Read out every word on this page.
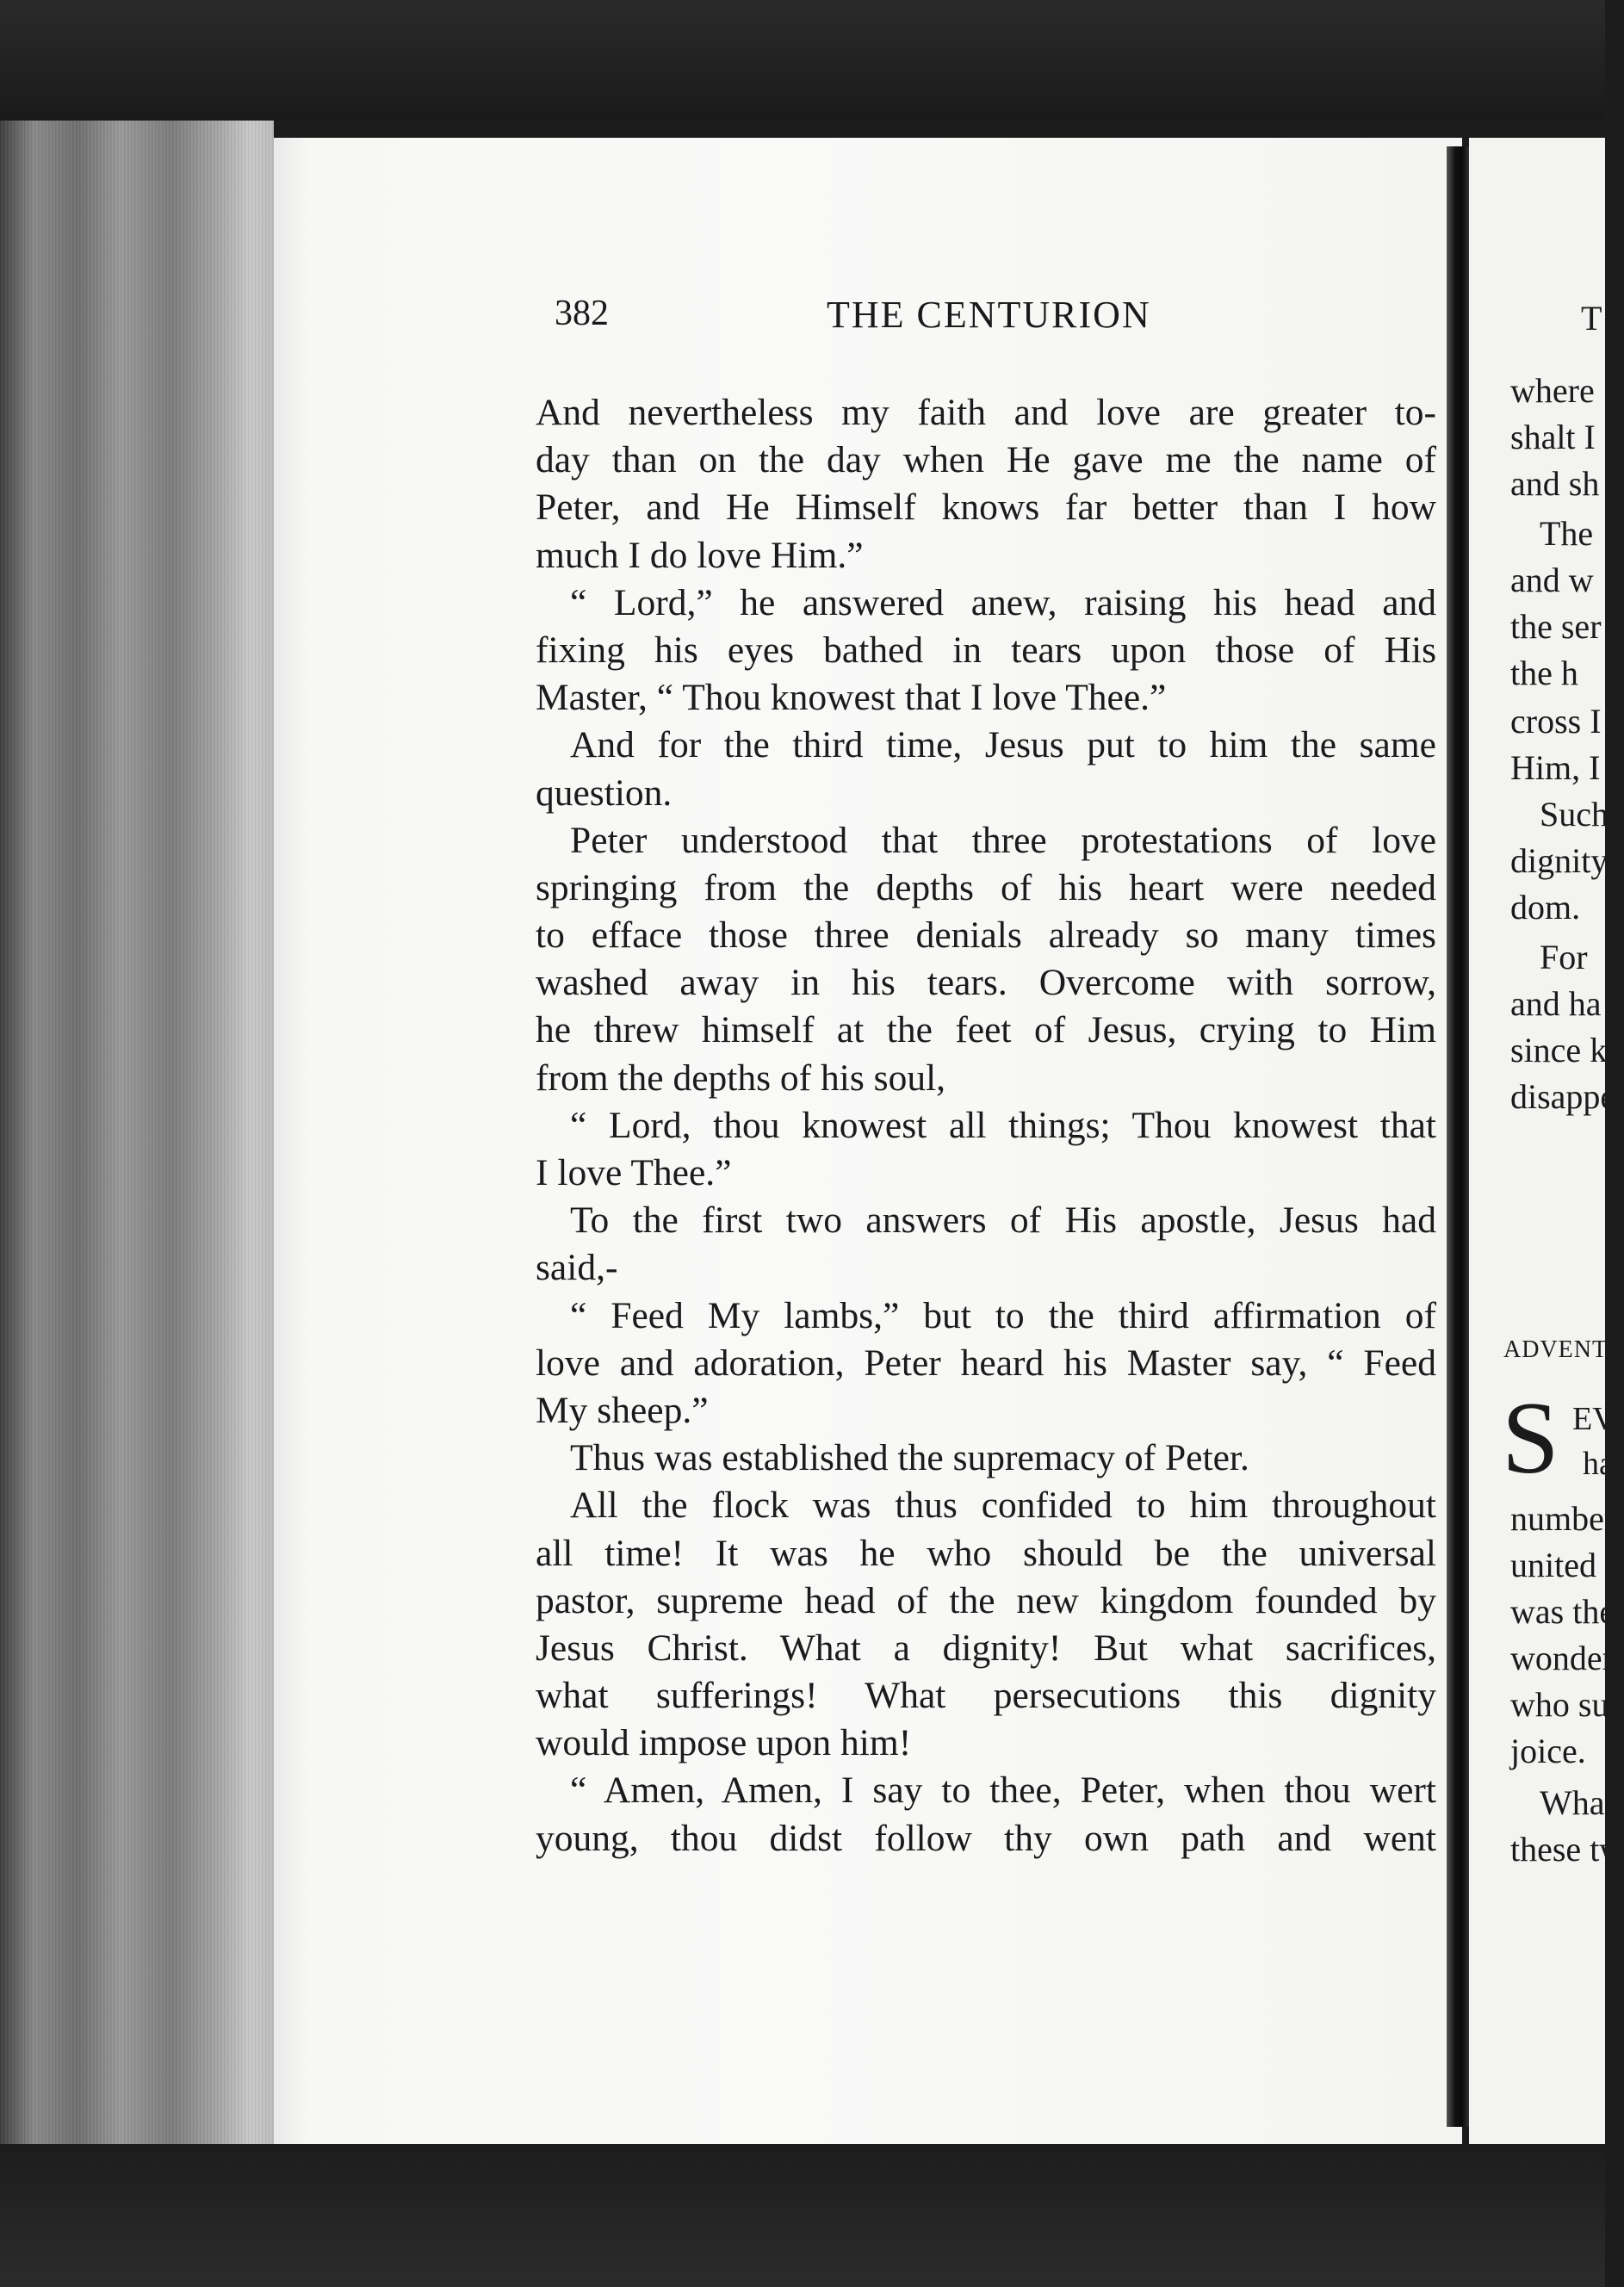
382	THE CENTURION
And nevertheless my faith and love are greater to-
day than on the day when He gave me the name of
Peter, and He Himself knows far better than I how
much I do love Him.”
“ Lord,” he answered anew, raising his head and
fixing his eyes bathed in tears upon those of His
Master, “ Thou knowest that I love Thee.”
And for the third time, Jesus put to him the same
question.
Peter understood that three protestations of love
springing from the depths of his heart were needed
to efface those three denials already so many times
washed away in his tears. Overcome with sorrow,
he threw himself at the feet of Jesus, crying to Him
from the depths of his soul,
“ Lord, thou knowest all things; Thou knowest that
I love Thee.”
To the first two answers of His apostle, Jesus had
said,-
“ Feed My lambs,” but to the third affirmation of
love and adoration, Peter heard his Master say, “ Feed
My sheep.”
Thus was established the supremacy of Peter.
All the flock was thus confided to him throughout
all time! It was he who should be the universal
pastor, supreme head of the new kingdom founded by
Jesus Christ. What a dignity! But what sacrifices,
what sufferings! What persecutions this dignity
would impose upon him!
“ Amen, Amen, I say to thee, Peter, when thou wert
young, thou didst follow thy own path and went
T
where
shalt I
and sh
The
and w
the ser
the h
cross I
Him, I
Such
dignity
dom.
For
and ha
since k
disappe
ADVENT
S EV
ha
number
united
was the
wonder
who su
joice.
What
these tw
